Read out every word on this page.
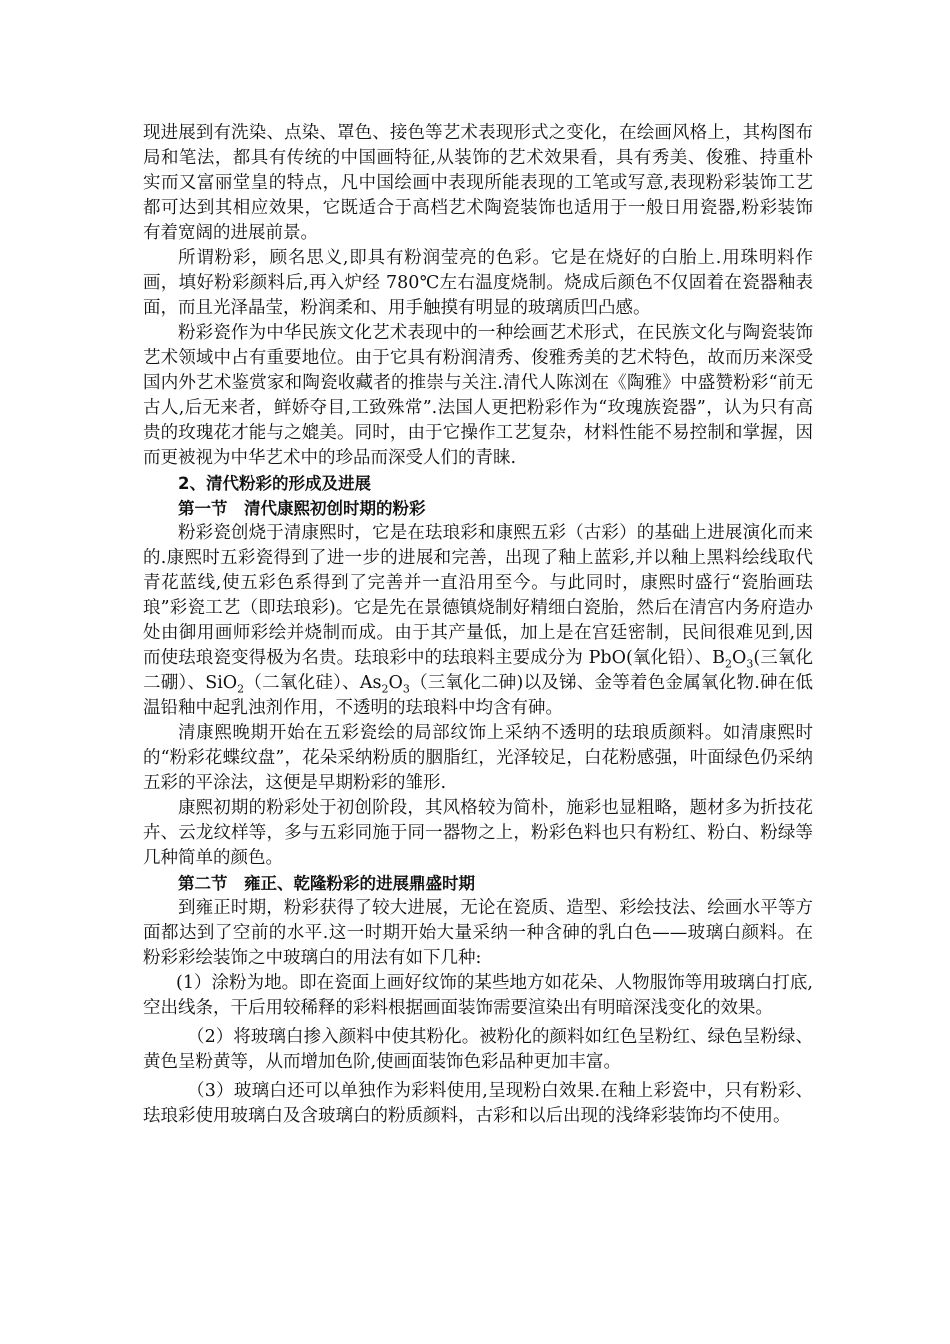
现进展到有洗染、点染、罩色、接色等艺术表现形式之变化，在绘画风格上，其构图布局和笔法，都具有传统的中国画特征,从装饰的艺术效果看，具有秀美、俊雅、持重朴实而又富丽堂皇的特点，凡中国绘画中表现所能表现的工笔或写意,表现粉彩装饰工艺都可达到其相应效果，它既适合于高档艺术陶瓷装饰也适用于一般日用瓷器,粉彩装饰有着宽阔的进展前景。

所谓粉彩，顾名思义,即具有粉润莹亮的色彩。它是在烧好的白胎上.用珠明料作画，填好粉彩颜料后,再入炉经 780℃左右温度烧制。烧成后颜色不仅固着在瓷器釉表面，而且光泽晶莹，粉润柔和、用手触摸有明显的玻璃质凹凸感。

粉彩瓷作为中华民族文化艺术表现中的一种绘画艺术形式，在民族文化与陶瓷装饰艺术领域中占有重要地位。由于它具有粉润清秀、俊雅秀美的艺术特色，故而历来深受国内外艺术鉴赏家和陶瓷收藏者的推崇与关注.清代人陈浏在《陶雅》中盛赞粉彩“前无古人,后无来者，鲜娇夺目,工致殊常”.法国人更把粉彩作为“玫瑰族瓷器”，认为只有高贵的玫瑰花才能与之媲美。同时，由于它操作工艺复杂，材料性能不易控制和掌握，因而更被视为中华艺术中的珍品而深受人们的青睐.

2、清代粉彩的形成及进展

第一节　清代康熙初创时期的粉彩

粉彩瓷创烧于清康熙时，它是在珐琅彩和康熙五彩（古彩）的基础上进展演化而来的.康熙时五彩瓷得到了进一步的进展和完善，出现了釉上蓝彩,并以釉上黑料绘线取代青花蓝线,使五彩色系得到了完善并一直沿用至今。与此同时，康熙时盛行“瓷胎画珐琅”彩瓷工艺（即珐琅彩)。它是先在景德镇烧制好精细白瓷胎，然后在清宫内务府造办处由御用画师彩绘并烧制而成。由于其产量低，加上是在宫廷密制，民间很难见到,因而使珐琅瓷变得极为名贵。珐琅彩中的珐琅料主要成分为 PbO(氧化铅）、$B_2O_3$(三氧化二硼）、SiO$_2$（二氧化硅）、$As_2O_3$（三氧化二砷)以及锑、金等着色金属氧化物.砷在低温铅釉中起乳浊剂作用，不透明的珐琅料中均含有砷。

清康熙晚期开始在五彩瓷绘的局部纹饰上采纳不透明的珐琅质颜料。如清康熙时的“粉彩花蝶纹盘”，花朵采纳粉质的胭脂红，光泽较足，白花粉感强，叶面绿色仍采纳五彩的平涂法，这便是早期粉彩的雏形.

康熙初期的粉彩处于初创阶段，其风格较为简朴，施彩也显粗略，题材多为折技花卉、云龙纹样等，多与五彩同施于同一器物之上，粉彩色料也只有粉红、粉白、粉绿等几种简单的颜色。

第二节　雍正、乾隆粉彩的进展鼎盛时期

到雍正时期，粉彩获得了较大进展，无论在瓷质、造型、彩绘技法、绘画水平等方面都达到了空前的水平.这一时期开始大量采纳一种含砷的乳白色——玻璃白颜料。在粉彩彩绘装饰之中玻璃白的用法有如下几种:

(1）涂粉为地。即在瓷面上画好纹饰的某些地方如花朵、人物服饰等用玻璃白打底,空出线条，干后用较稀释的彩料根据画面装饰需要渲染出有明暗深浅变化的效果。

（2）将玻璃白掺入颜料中使其粉化。被粉化的颜料如红色呈粉红、绿色呈粉绿、黄色呈粉黄等，从而增加色阶,使画面装饰色彩品种更加丰富。

（3）玻璃白还可以单独作为彩料使用,呈现粉白效果.在釉上彩瓷中，只有粉彩、珐琅彩使用玻璃白及含玻璃白的粉质颜料，古彩和以后出现的浅绛彩装饰均不使用。
